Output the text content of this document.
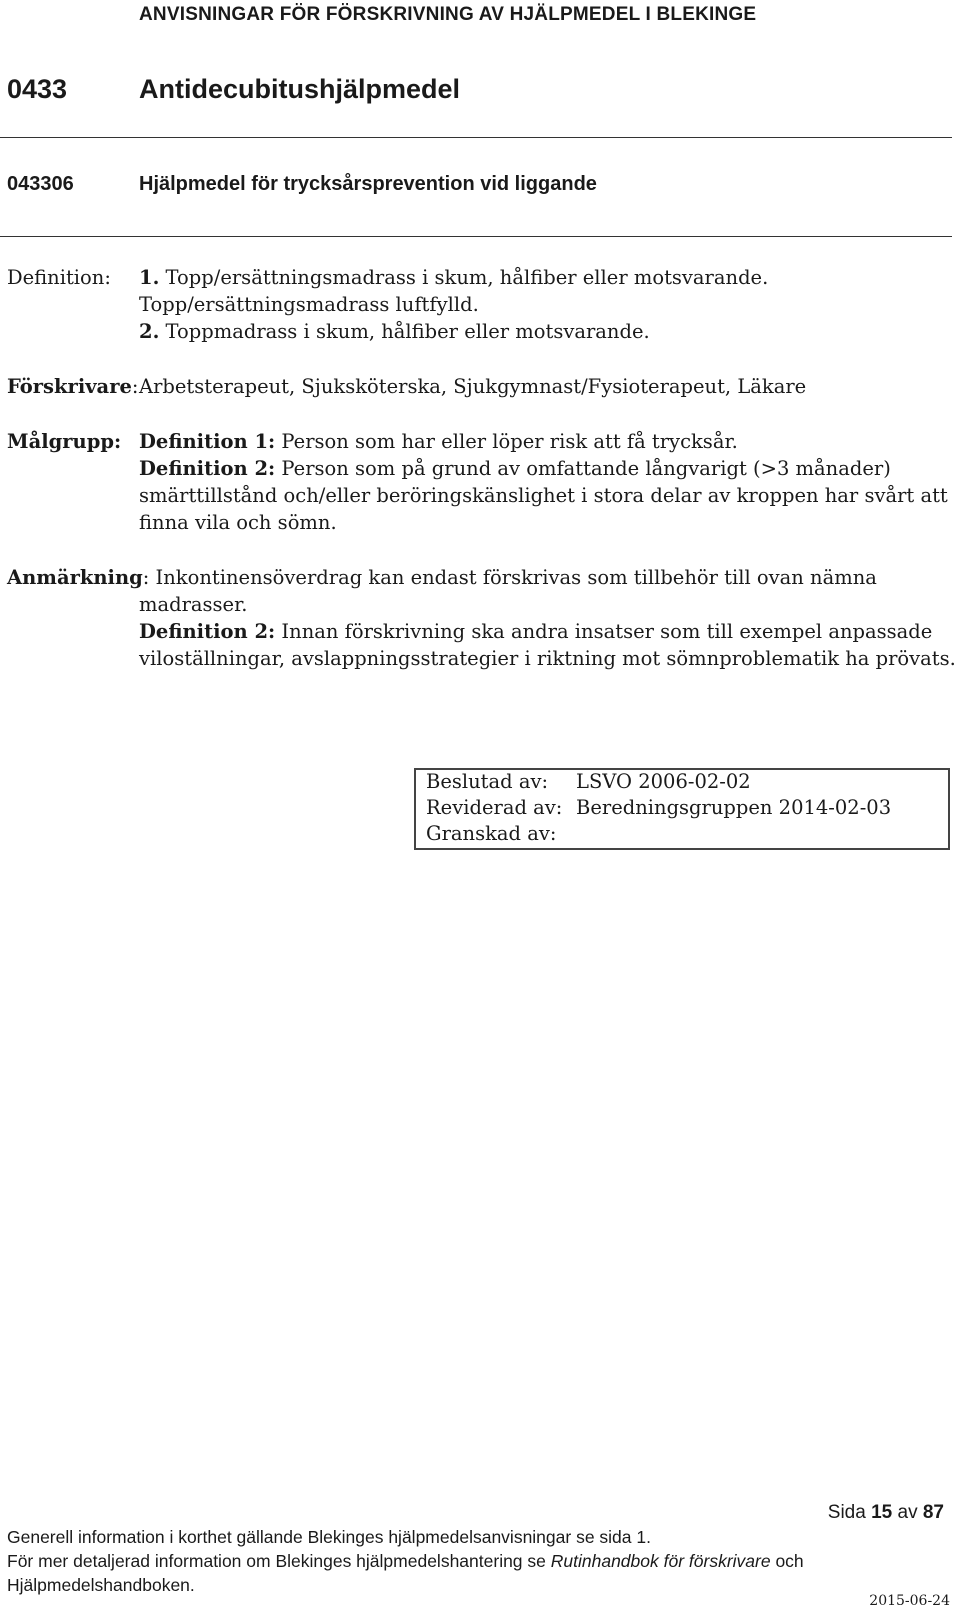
ANVISNINGAR FÖR FÖRSKRIVNING AV HJÄLPMEDEL I BLEKINGE
0433	Antidecubitushjälpmedel
043306	Hjälpmedel för trycksårsprevention vid liggande
Definition: 1. Topp/ersättningsmadrass i skum, hålfiber eller motsvarande.
Topp/ersättningsmadrass luftfylld.
2. Toppmadrass i skum, hålfiber eller motsvarande.
Förskrivare: Arbetsterapeut, Sjuksköterska, Sjukgymnast/Fysioterapeut, Läkare
Målgrupp: Definition 1: Person som har eller löper risk att få trycksår.
Definition 2: Person som på grund av omfattande långvarigt (>3 månader)
smärttillstånd och/eller beröringskänslighet i stora delar av kroppen har svårt att
finna vila och sömn.
Anmärkning: Inkontinensöverdrag kan endast förskrivas som tillbehör till ovan nämna
madrasser.
Definition 2: Innan förskrivning ska andra insatser som till exempel anpassade
viloställningar, avslappningsstrategier i riktning mot sömnproblematik ha prövats.
Beslutad av: LSVO 2006-02-02
Reviderad av: Beredningsgruppen 2014-02-03
Granskad av:
Sida 15 av 87
Generell information i korthet gällande Blekinges hjälpmedelsanvisningar se sida 1.
För mer detaljerad information om Blekinges hjälpmedelshantering se Rutinhandbok för förskrivare och
Hjälpmedelshandboken.
2015-06-24
